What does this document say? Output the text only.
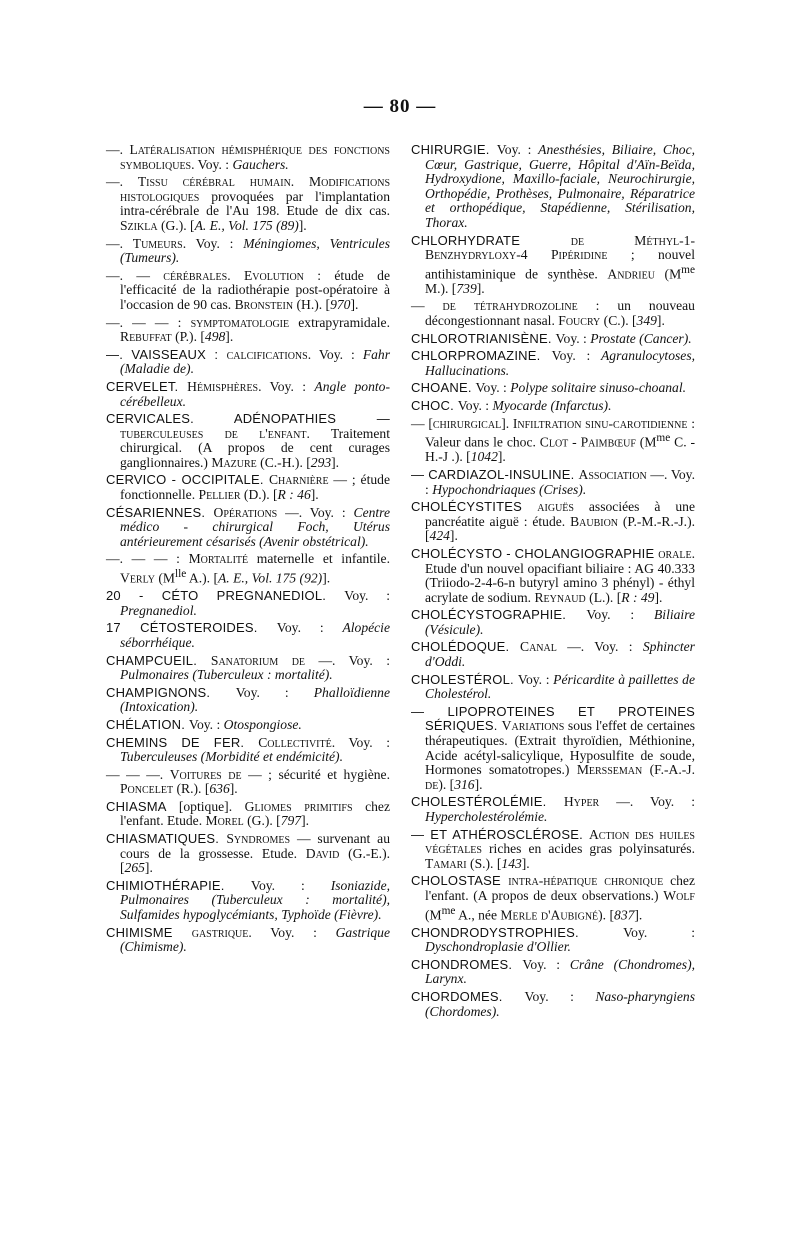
— 80 —

—. Latéralisation hémisphérique des fonctions symboliques. Voy. : Gauchers.

—. Tissu cérébral humain. Modifications histologiques provoquées par l'implantation intra-cérébrale de l'Au 198. Etude de dix cas. Szikla (G.). [A. E., Vol. 175 (89)].

—. Tumeurs. Voy. : Méningiomes, Ventricules (Tumeurs).

—. — cérébrales. Evolution : étude de l'efficacité de la radiothérapie post-opératoire à l'occasion de 90 cas. Bronstein (H.). [970].

—. — — : symptomatologie extrapyramidale. Rebuffat (P.). [498].

—. VAISSEAUX : calcifications. Voy. : Fahr (Maladie de).

CERVELET. Hémisphères. Voy. : Angle ponto-cérébelleux.

CERVICALES. ADÉNOPATHIES — tuberculeuses de l'enfant. Traitement chirurgical. (A propos de cent curages ganglionnaires.) Mazure (C.-H.). [293].

CERVICO - OCCIPITALE. Charnière — ; étude fonctionnelle. Pellier (D.). [R : 46].

CÉSARIENNES. Opérations —. Voy. : Centre médico - chirurgical Foch, Utérus antérieurement césarisés (Avenir obstétrical).

—. — — : Mortalité maternelle et infantile. Verly ($M^{lle}$ A.). [A. E., Vol. 175 (92)].

20 - CÉTO PREGNANEDIOL. Voy. : Pregnanediol.

17 CÉTOSTEROIDES. Voy. : Alopécie séborrhéique.

CHAMPCUEIL. Sanatorium de —. Voy. : Pulmonaires (Tuberculeux : mortalité).

CHAMPIGNONS. Voy. : Phalloïdienne (Intoxication).

CHÉLATION. Voy. : Otospongiose.

CHEMINS DE FER. Collectivité. Voy. : Tuberculeuses (Morbidité et endémicité).

— — —. Voitures de — ; sécurité et hygiène. Poncelet (R.). [636].

CHIASMA [optique]. Gliomes primitifs chez l'enfant. Etude. Morel (G.). [797].

CHIASMATIQUES. Syndromes — survenant au cours de la grossesse. Etude. David (G.-E.). [265].

CHIMIOTHÉRAPIE. Voy. : Isoniazide, Pulmonaires (Tuberculeux : mortalité), Sulfamides hypoglycémiants, Typhoïde (Fièvre).

CHIMISME gastrique. Voy. : Gastrique (Chimisme).

CHIRURGIE. Voy. : Anesthésies, Biliaire, Choc, Cœur, Gastrique, Guerre, Hôpital d'Aïn-Beïda, Hydroxydione, Maxillo-faciale, Neurochirurgie, Orthopédie, Prothèses, Pulmonaire, Réparatrice et orthopédique, Stapédienne, Stérilisation, Thorax.

CHLORHYDRATE de Méthyl-1-Benzhydryloxy-4 Pipéridine ; nouvel antihistaminique de synthèse. Andrieu ($M^{me}$ M.). [739].

— de tétrahydrozoline : un nouveau décongestionnant nasal. Foucry (C.). [349].

CHLOROTRIANISÈNE. Voy. : Prostate (Cancer).

CHLORPROMAZINE. Voy. : Agranulocytoses, Hallucinations.

CHOANE. Voy. : Polype solitaire sinuso-choanal.

CHOC. Voy. : Myocarde (Infarctus).

— [chirurgical]. Infiltration sinu-carotidienne : Valeur dans le choc. Clot - Paimbœuf ($M^{me}$ C. - H.-J .). [1042].

— CARDIAZOL-INSULINE. Association —. Voy. : Hypochondriaques (Crises).

CHOLÉCYSTITES aiguës associées à une pancréatite aiguë : étude. Baubion (P.-M.-R.-J.). [424].

CHOLÉCYSTO - CHOLANGIOGRAPHIE orale. Etude d'un nouvel opacifiant biliaire : AG 40.333 (Triiodo-2-4-6-n butyryl amino 3 phényl) - éthyl acrylate de sodium. Reynaud (L.). [R : 49].

CHOLÉCYSTOGRAPHIE. Voy. : Biliaire (Vésicule).

CHOLÉDOQUE. Canal —. Voy. : Sphincter d'Oddi.

CHOLESTÉROL. Voy. : Péricardite à paillettes de Cholestérol.

— LIPOPROTEINES ET PROTEINES SÉRIQUES. Variations sous l'effet de certaines thérapeutiques. (Extrait thyroïdien, Méthionine, Acide acétyl-salicylique, Hyposulfite de soude, Hormones somatotropes.) Mersseman (F.-A.-J. de). [316].

CHOLESTÉROLÉMIE. Hyper —. Voy. : Hypercholestérolémie.

— ET ATHÉROSCLÉROSE. Action des huiles végétales riches en acides gras polyinsaturés. Tamari (S.). [143].

CHOLOSTASE intra-hépatique chronique chez l'enfant. (A propos de deux observations.) Wolf ($M^{me}$ A., née Merle d'Aubigné). [837].

CHONDRODYSTROPHIES. Voy. : Dyschondroplasie d'Ollier.

CHONDROMES. Voy. : Crâne (Chondromes), Larynx.

CHORDOMES. Voy. : Naso-pharyngiens (Chordomes).
